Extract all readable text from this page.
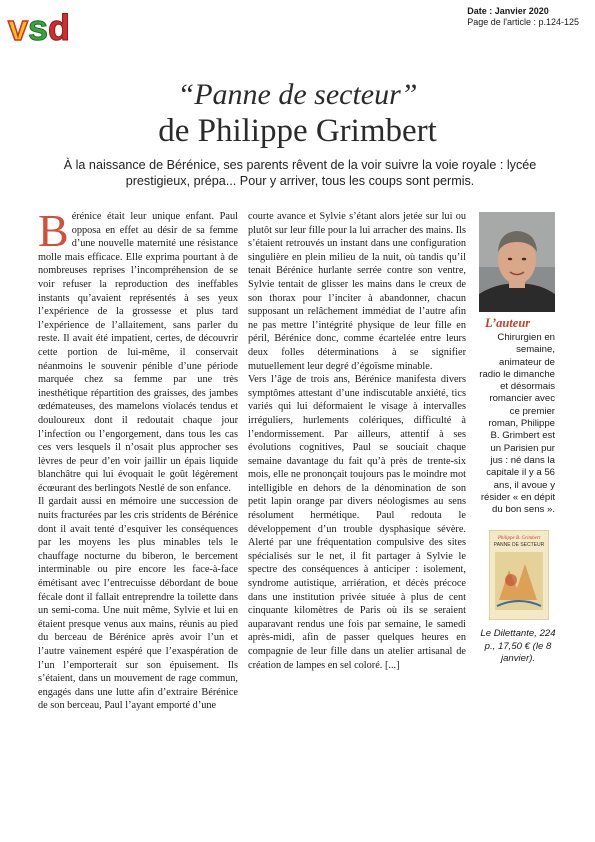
v s d	Date : Janvier 2020
Page de l'article : p.124-125
“Panne de secteur”
de Philippe Grimbert
À la naissance de Bérénice, ses parents rêvent de la voir suivre la voie royale : lycée prestigieux, prépa... Pour y arriver, tous les coups sont permis.

Bérénice était leur unique enfant. Paul opposa en effet au désir de sa femme d’une nouvelle maternité une résistance molle mais efficace. Elle exprima pourtant à de nombreuses reprises l’incompréhension de se voir refuser la reproduction des ineffables instants qu’avaient représentés à ses yeux l’expérience de la grossesse et plus tard l’expérience de l’allaitement, sans parler du reste. Il avait été impatient, certes, de découvrir cette portion de lui-même, il conservait néanmoins le souvenir pénible d’une période marquée chez sa femme par une très inesthétique répartition des graisses, des jambes œdémateuses, des mamelons violacés tendus et douloureux dont il redoutait chaque jour l’infection ou l’engorgement, dans tous les cas ces vers lesquels il n’osait plus approcher ses lèvres de peur d’en voir jaillir un épais liquide blanchâtre qui lui évoquait le goût légèrement écœurant des berlingots Nestlé de son enfance.

Il gardait aussi en mémoire une succession de nuits fracturées par les cris stridents de Bérénice dont il avait tenté d’esquiver les conséquences par les moyens les plus minables tels le chauffage nocturne du biberon, le bercement interminable ou pire encore les face-à-face émétisant avec l’entrecuisse débordant de boue fécale dont il fallait entreprendre la toilette dans un semi-coma. Une nuit même, Sylvie et lui en étaient presque venus aux mains, réunis au pied du berceau de Bérénice après avoir l’un et l’autre vainement espéré que l’exaspération de l’un l’emporterait sur son épuisement. Ils s’étaient, dans un mouvement de rage commun, engagés dans une lutte afin d’extraire Bérénice de son berceau, Paul l’ayant emporté d’une

courte avance et Sylvie s’étant alors jetée sur lui ou plutôt sur leur fille pour la lui arracher des mains. Ils s’étaient retrouvés un instant dans une configuration singulière en plein milieu de la nuit, où tandis qu’il tenait Bérénice hurlante serrée contre son ventre, Sylvie tentait de glisser les mains dans le creux de son thorax pour l’inciter à abandonner, chacun supposant un relâchement immédiat de l’autre afin ne pas mettre l’intégrité physique de leur fille en péril, Bérénice donc, comme écartelée entre leurs deux folles déterminations à se signifier mutuellement leur degré d’égoïsme minable.

Vers l’âge de trois ans, Bérénice manifesta divers symptômes attestant d’une indiscutable anxiété, tics variés qui lui déformaient le visage à intervalles irréguliers, hurlements colériques, difficulté à l’endormissement. Par ailleurs, attentif à ses évolutions cognitives, Paul se souciait chaque semaine davantage du fait qu’à près de trente-six mois, elle ne prononçait toujours pas le moindre mot intelligible en dehors de la dénomination de son petit lapin orange par divers néologismes au sens résolument hermétique. Paul redouta le développement d’un trouble dysphasique sévère. Alerté par une fréquentation compulsive des sites spécialisés sur le net, il fit partager à Sylvie le spectre des conséquences à anticiper : isolement, syndrome autistique, arriération, et décès précoce dans une institution privée située à plus de cent cinquante kilomètres de Paris où ils se seraient auparavant rendus une fois par semaine, le samedi après-midi, afin de passer quelques heures en compagnie de leur fille dans un atelier artisanal de création de lampes en sel coloré. [...]

L’auteur
Chirurgien en semaine, animateur de radio le dimanche et désormais romancier avec ce premier roman, Philippe B. Grimbert est un Parisien pur jus : né dans la capitale il y a 56 ans, il avoue y résider « en dépit du bon sens ».
Philippe B. Grimbert
PANNE DE SECTEUR
Le Dilettante, 224 p., 17,50 € (le 8 janvier).
